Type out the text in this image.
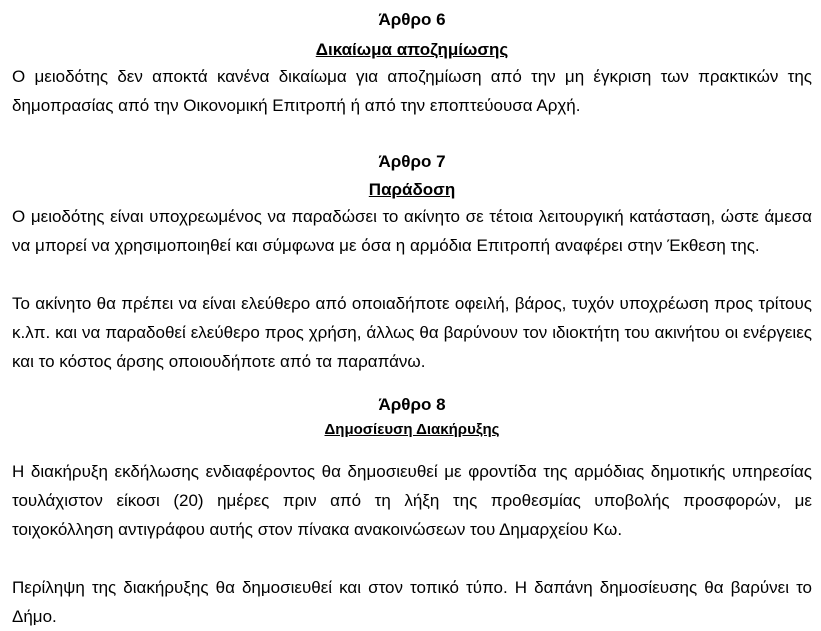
Άρθρο 6
Δικαίωμα αποζημίωσης

Ο μειοδότης δεν αποκτά κανένα δικαίωμα για αποζημίωση από την μη έγκριση των πρακτικών της δημοπρασίας από την Οικονομική Επιτροπή ή από την εποπτεύουσα Αρχή.

Άρθρο 7
Παράδοση

Ο μειοδότης είναι υποχρεωμένος να παραδώσει το ακίνητο σε τέτοια λειτουργική κατάσταση, ώστε άμεσα να μπορεί να χρησιμοποιηθεί και σύμφωνα με όσα η αρμόδια Επιτροπή αναφέρει στην Έκθεση της.

Το ακίνητο θα πρέπει να είναι ελεύθερο από οποιαδήποτε οφειλή, βάρος, τυχόν υποχρέωση προς τρίτους κ.λπ. και να παραδοθεί ελεύθερο προς χρήση, άλλως θα βαρύνουν τον ιδιοκτήτη του ακινήτου οι ενέργειες και το κόστος άρσης οποιουδήποτε από τα παραπάνω.

Άρθρο 8
Δημοσίευση Διακήρυξης

Η διακήρυξη εκδήλωσης ενδιαφέροντος θα δημοσιευθεί με φροντίδα της αρμόδιας δημοτικής υπηρεσίας τουλάχιστον είκοσι (20) ημέρες πριν από τη λήξη της προθεσμίας υποβολής προσφορών, με τοιχοκόλληση αντιγράφου αυτής στον πίνακα ανακοινώσεων του Δημαρχείου Κω.

Περίληψη της διακήρυξης θα δημοσιευθεί και στον τοπικό τύπο. Η δαπάνη δημοσίευσης θα βαρύνει το Δήμο.
